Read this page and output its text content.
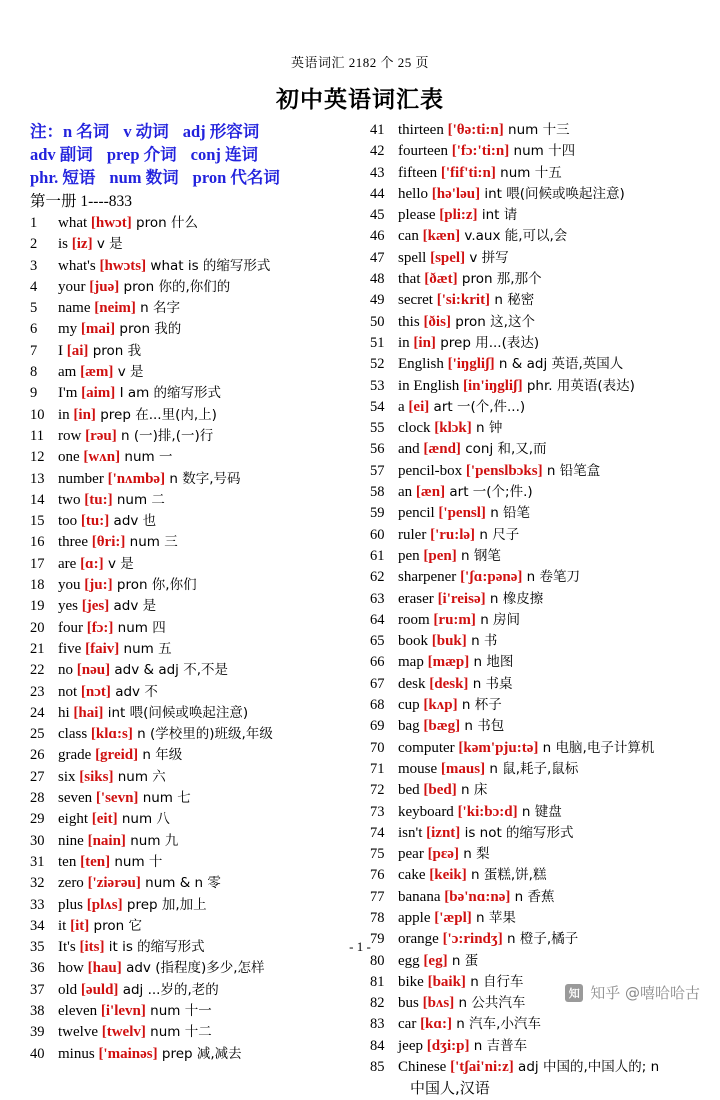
英语词汇 2182 个 25 页
初中英语词汇表
注：n 名词 v 动词 adj 形容词
adv 副词 prep 介词 conj 连词
phr. 短语 num 数词 pron 代名词
第一册 1----833
1	what [hwɔt] pron 什么
2	is [iz] v 是
3	what's [hwɔts] what is 的缩写形式
4	your [juə] pron 你的,你们的
5	name [neim] n 名字
6	my [mai] pron 我的
7	I [ai] pron 我
8	am [æm] v 是
9	I'm [aim] I am 的缩写形式
10 in [in] prep 在...里(内,上)
11 row [rəu] n (一)排,(一)行
12 one [wʌn] num 一
13 number ['nʌmbə] n 数字,号码
14 two [tu:] num 二
15 too [tu:] adv 也
16 three [θri:] num 三
17 are [ɑ:] v 是
18 you [ju:] pron 你,你们
19 yes [jes] adv 是
20 four [fɔ:] num 四
21 five [faiv] num 五
22 no [nəu] adv & adj 不,不是
23 not [nɔt] adv 不
24 hi [hai] int 喂(问候或唤起注意)
25 class [klɑ:s] n (学校里的)班级,年级
26 grade [greid] n 年级
27 six [siks] num 六
28 seven ['sevn] num 七
29 eight [eit] num 八
30 nine [nain] num 九
31 ten [ten] num 十
32 zero ['ziərəu] num & n 零
33 plus [plʌs] prep 加,加上
34 it [it] pron 它
35 It's [its] it is 的缩写形式
36 how [hau] adv (指程度)多少,怎样
37 old [əuld] adj ...岁的,老的
38 eleven [i'levn] num 十一
39 twelve [twelv] num 十二
40 minus ['mainəs] prep 减,减去
41 thirteen ['θə:ti:n] num 十三
42 fourteen ['fɔ:'ti:n] num 十四
43 fifteen ['fif'ti:n] num 十五
44 hello [hə'ləu] int 喂(问候或唤起注意)
45 please [pli:z] int 请
46 can [kæn] v.aux 能,可以,会
47 spell [spel] v 拼写
48 that [ðæt] pron 那,那个
49 secret ['si:krit] n 秘密
50 this [ðis] pron 这,这个
51 in [in] prep 用...(表达)
52 English ['iŋgliʃ] n & adj 英语,英国人
53 in English [in'iŋgliʃ] phr. 用英语(表达)
54 a [ei] art 一(个,件...)
55 clock [klɔk] n 钟
56 and [ænd] conj 和,又,而
57 pencil-box ['penslbɔks] n 铅笔盒
58 an [æn] art 一(个;件.)
59 pencil ['pensl] n 铅笔
60 ruler ['ru:lə] n 尺子
61 pen [pen] n 钢笔
62 sharpener ['ʃɑ:pənə] n 卷笔刀
63 eraser [i'reisə] n 橡皮擦
64 room [ru:m] n 房间
65 book [buk] n 书
66 map [mæp] n 地图
67 desk [desk] n 书桌
68 cup [kʌp] n 杯子
69 bag [bæg] n 书包
70 computer [kəm'pju:tə] n 电脑,电子计算机
71 mouse [maus] n 鼠,耗子,鼠标
72 bed [bed] n 床
73 keyboard ['ki:bɔ:d] n 键盘
74 isn't [iznt] is not 的缩写形式
75 pear [pɛə] n 梨
76 cake [keik] n 蛋糕,饼,糕
77 banana [bə'nɑ:nə] n 香蕉
78 apple ['æpl] n 苹果
79 orange ['ɔ:rindʒ] n 橙子,橘子
80 egg [eg] n 蛋
81 bike [baik] n 自行车
82 bus [bʌs] n 公共汽车
83 car [kɑ:] n 汽车,小汽车
84 jeep [dʒi:p] n 吉普车
85 Chinese ['tʃai'ni:z] adj 中国的,中国人的; n
中国人,汉语
- 1 -
知 知乎 @嘻哈哈古
